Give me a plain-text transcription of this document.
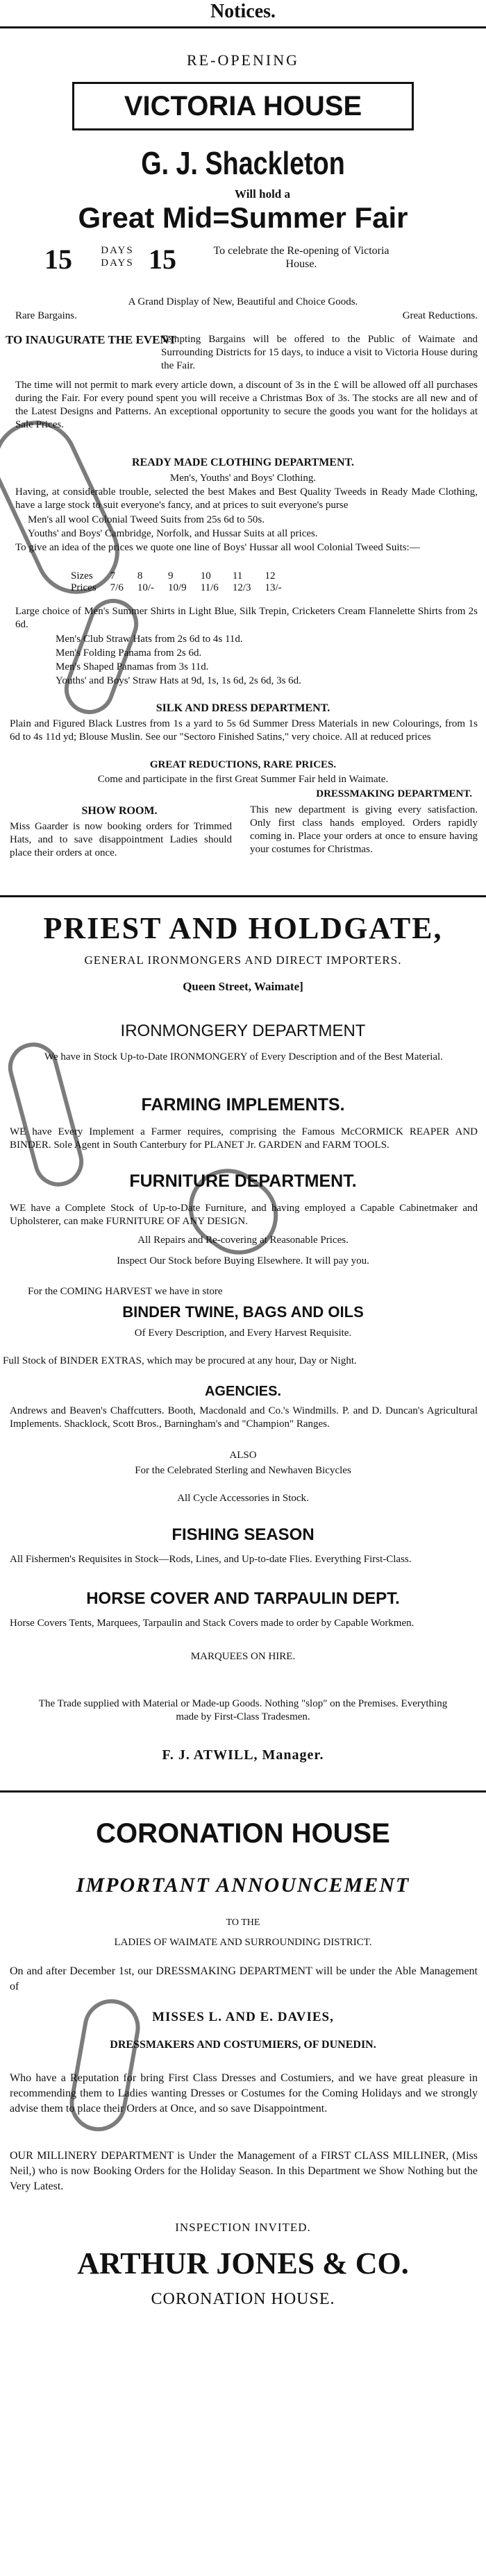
Notices.
RE-OPENING
VICTORIA HOUSE
G. J. Shackleton
Will hold a
Great Mid=Summer Fair
15	DAYS DAYS 15	To celebrate the Re-opening of Victoria House.
A Grand Display of New, Beautiful and Choice Goods.
Rare Bargains.	Great Reductions.
TO INAUGURATE THE EVENT
Tempting Bargains will be offered to the Public of Waimate and Surrounding Districts for 15 days, to induce a visit to Victoria House during the Fair.
The time will not permit to mark every article down, a discount of 3s in the £ will be allowed off all purchases during the Fair. For every pound spent you will receive a Christmas Box of 3s. The stocks are all new and of the Latest Designs and Patterns. An exceptional opportunity to secure the goods you want for the holidays at Sale Prices.
READY MADE CLOTHING DEPARTMENT.
Men's, Youths' and Boys' Clothing.
Having, at considerable trouble, selected the best Makes and Best Quality Tweeds in Ready Made Clothing, have a large stock to suit everyone's fancy, and at prices to suit everyone's purse
Men's all wool Colonial Tweed Suits from 25s 6d to 50s.
Youths' and Boys' Cambridge, Norfolk, and Hussar Suits at all prices.
To give an idea of the prices we quote one line of Boys' Hussar all wool Colonial Tweed Suits:—
Sizes	7	8	9	10	11	12
Prices	7/6	10/-	10/9	11/6	12/3	13/-
Large choice of Men's Summer Shirts in Light Blue, Silk Trepin, Cricketers Cream Flannelette Shirts from 2s 6d.
Men's Club Straw Hats from 2s 6d to 4s 11d.
Men's Folding Panama from 2s 6d.
Men's Shaped Panamas from 3s 11d.
Youths' and Boys' Straw Hats at 9d, 1s, 1s 6d, 2s 6d, 3s 6d.
SILK AND DRESS DEPARTMENT.
Plain and Figured Black Lustres from 1s a yard to 5s 6d Summer Dress Materials in new Colourings, from 1s 6d to 4s 11d yd; Blouse Muslin. See our "Sectoro Finished Satins," very choice. All at reduced prices
GREAT REDUCTIONS, RARE PRICES.
Come and participate in the first Great Summer Fair held in Waimate.
DRESSMAKING DEPARTMENT.
SHOW ROOM.
Miss Gaarder is now booking orders for Trimmed Hats, and to save disappointment Ladies should place their orders at once.
This new department is giving every satisfaction. Only first class hands employed. Orders rapidly coming in. Place your orders at once to ensure having your costumes for Christmas.
PRIEST AND HOLDGATE,
GENERAL IRONMONGERS AND DIRECT IMPORTERS.
Queen Street, Waimate]
IRONMONGERY DEPARTMENT
We have in Stock Up-to-Date IRONMONGERY of Every Description and of the Best Material.
FARMING IMPLEMENTS.
WE have Every Implement a Farmer requires, comprising the Famous McCORMICK REAPER AND BINDER. Sole Agent in South Canterbury for PLANET Jr. GARDEN and FARM TOOLS.
FURNITURE DEPARTMENT.
WE have a Complete Stock of Up-to-Date Furniture, and having employed a Capable Cabinetmaker and Upholsterer, can make FURNITURE OF ANY DESIGN.
All Repairs and Re-covering at Reasonable Prices.
Inspect Our Stock before Buying Elsewhere. It will pay you.
For the COMING HARVEST we have in store
BINDER TWINE, BAGS AND OILS
Of Every Description, and Every Harvest Requisite.
Full Stock of BINDER EXTRAS, which may be procured at any hour, Day or Night.
AGENCIES.
Andrews and Beaven's Chaffcutters. Booth, Macdonald and Co.'s Windmills. P. and D. Duncan's Agricultural Implements. Shacklock, Scott Bros., Barningham's and "Champion" Ranges.
ALSO
For the Celebrated Sterling and Newhaven Bicycles
All Cycle Accessories in Stock.
FISHING SEASON
All Fishermen's Requisites in Stock—Rods, Lines, and Up-to-date Flies. Everything First-Class.
HORSE COVER AND TARPAULIN DEPT.
Horse Covers Tents, Marquees, Tarpaulin and Stack Covers made to order by Capable Workmen.
MARQUEES ON HIRE.
The Trade supplied with Material or Made-up Goods. Nothing "slop" on the Premises. Everything made by First-Class Tradesmen.
F. J. ATWILL, Manager.
CORONATION HOUSE
IMPORTANT ANNOUNCEMENT
TO THE
LADIES OF WAIMATE AND SURROUNDING DISTRICT.
On and after December 1st, our DRESSMAKING DEPARTMENT will be under the Able Management of
MISSES L. AND E. DAVIES,
DRESSMAKERS AND COSTUMIERS, OF DUNEDIN.
Who have a Reputation for bring First Class Dresses and Costumiers, and we have great pleasure in recommending them to Ladies wanting Dresses or Costumes for the Coming Holidays and we strongly advise them to place their Orders at Once, and so save Disappointment.
OUR MILLINERY DEPARTMENT is Under the Management of a FIRST CLASS MILLINER, (Miss Neil,) who is now Booking Orders for the Holiday Season. In this Department we Show Nothing but the Very Latest.
INSPECTION INVITED.
ARTHUR JONES & CO.
CORONATION HOUSE.
